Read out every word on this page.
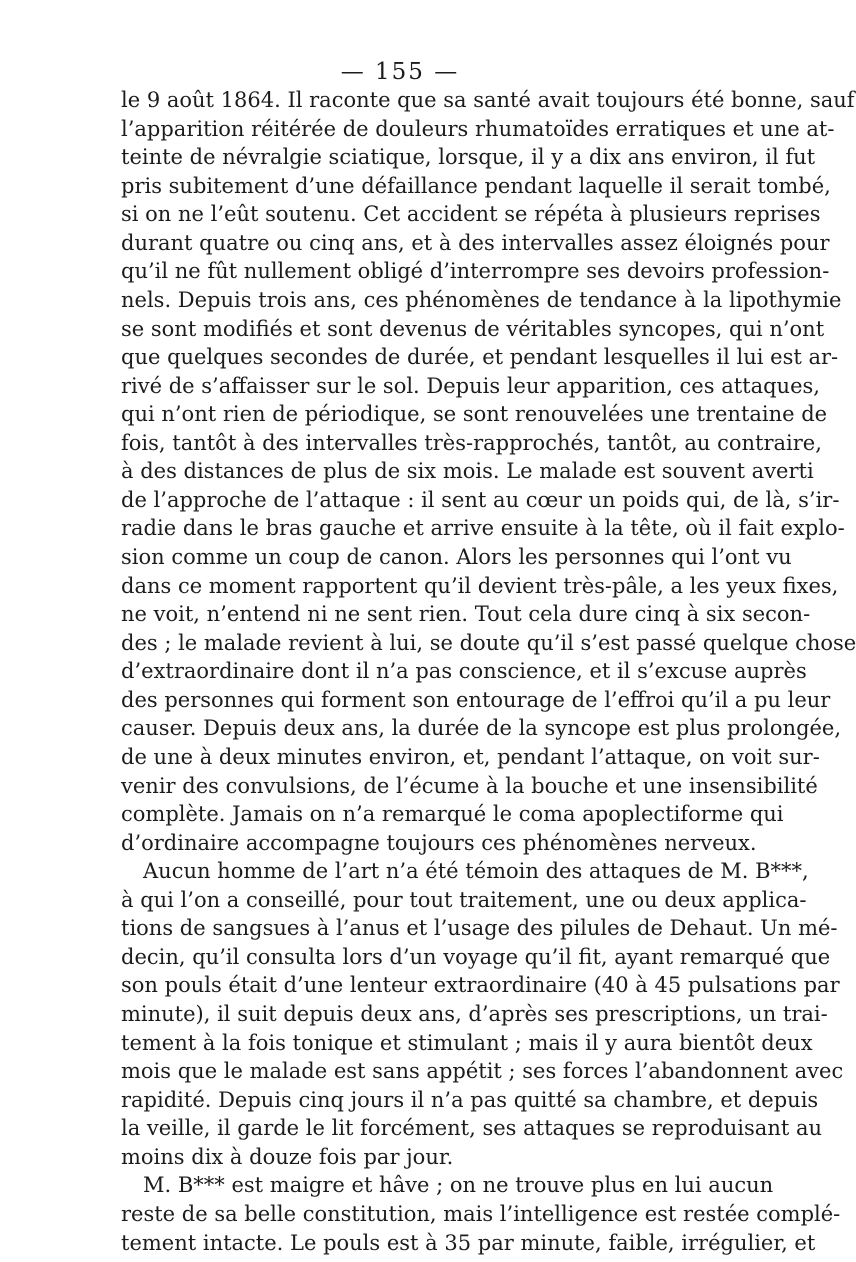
— 155 —
le 9 août 1864. Il raconte que sa santé avait toujours été bonne, sauf
l’apparition réitérée de douleurs rhumatoïdes erratiques et une at-
teinte de névralgie sciatique, lorsque, il y a dix ans environ, il fut
pris subitement d’une défaillance pendant laquelle il serait tombé,
si on ne l’eût soutenu. Cet accident se répéta à plusieurs reprises
durant quatre ou cinq ans, et à des intervalles assez éloignés pour
qu’il ne fût nullement obligé d’interrompre ses devoirs profession-
nels. Depuis trois ans, ces phénomènes de tendance à la lipothymie
se sont modifiés et sont devenus de véritables syncopes, qui n’ont
que quelques secondes de durée, et pendant lesquelles il lui est ar-
rivé de s’affaisser sur le sol. Depuis leur apparition, ces attaques,
qui n’ont rien de périodique, se sont renouvelées une trentaine de
fois, tantôt à des intervalles très-rapprochés, tantôt, au contraire,
à des distances de plus de six mois. Le malade est souvent averti
de l’approche de l’attaque : il sent au cœur un poids qui, de là, s’ir-
radie dans le bras gauche et arrive ensuite à la tête, où il fait explo-
sion comme un coup de canon. Alors les personnes qui l’ont vu
dans ce moment rapportent qu’il devient très-pâle, a les yeux fixes,
ne voit, n’entend ni ne sent rien. Tout cela dure cinq à six secon-
des ; le malade revient à lui, se doute qu’il s’est passé quelque chose
d’extraordinaire dont il n’a pas conscience, et il s’excuse auprès
des personnes qui forment son entourage de l’effroi qu’il a pu leur
causer. Depuis deux ans, la durée de la syncope est plus prolongée,
de une à deux minutes environ, et, pendant l’attaque, on voit sur-
venir des convulsions, de l’écume à la bouche et une insensibilité
complète. Jamais on n’a remarqué le coma apoplectiforme qui
d’ordinaire accompagne toujours ces phénomènes nerveux.
Aucun homme de l’art n’a été témoin des attaques de M. B***,
à qui l’on a conseillé, pour tout traitement, une ou deux applica-
tions de sangsues à l’anus et l’usage des pilules de Dehaut. Un mé-
decin, qu’il consulta lors d’un voyage qu’il fit, ayant remarqué que
son pouls était d’une lenteur extraordinaire (40 à 45 pulsations par
minute), il suit depuis deux ans, d’après ses prescriptions, un trai-
tement à la fois tonique et stimulant ; mais il y aura bientôt deux
mois que le malade est sans appétit ; ses forces l’abandonnent avec
rapidité. Depuis cinq jours il n’a pas quitté sa chambre, et depuis
la veille, il garde le lit forcément, ses attaques se reproduisant au
moins dix à douze fois par jour.
M. B*** est maigre et hâve ; on ne trouve plus en lui aucun
reste de sa belle constitution, mais l’intelligence est restée complé-
tement intacte. Le pouls est à 35 par minute, faible, irrégulier, et
